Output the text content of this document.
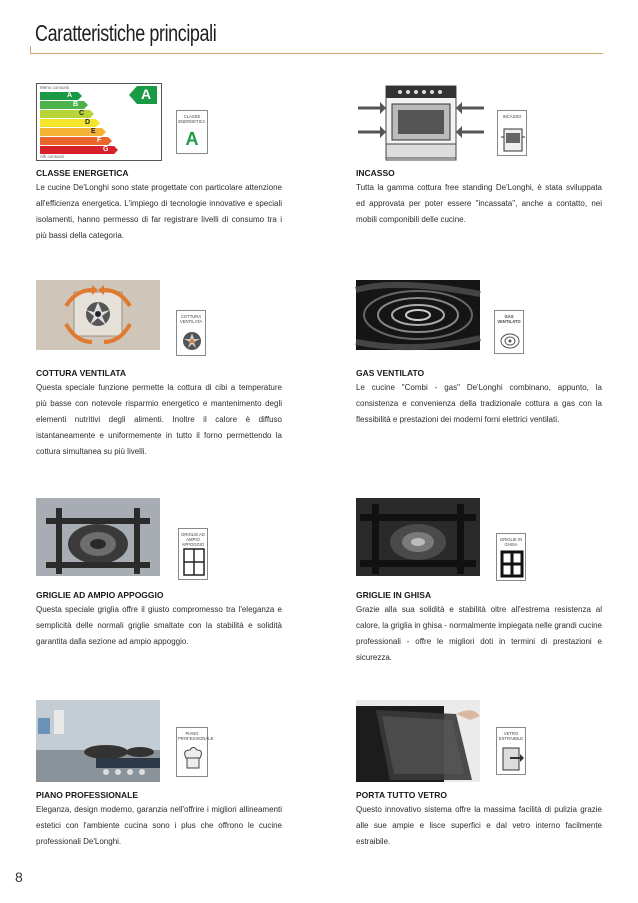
Caratteristiche principali
Meno consumi
A
B
C
D
E
F
G
A
Alti consumi
CLASSE ENERGETICA
A
CLASSE ENERGETICA
Le cucine De'Longhi sono state progettate con particolare attenzione all'efficienza energetica. L'impiego di tecnologie innovative e speciali isolamenti, hanno permesso di far registrare livelli di consumo tra i più bassi della categoria.
INCASSO
INCASSO
Tutta la gamma cottura free standing De'Longhi, è stata sviluppata ed approvata per poter essere "incassata", anche a contatto, nei mobili componibili delle cucine.
COTTURA VENTILATA
COTTURA VENTILATA
Questa speciale funzione permette la cottura di cibi a temperature più basse con notevole risparmio energetico e mantenimento degli elementi nutritivi degli alimenti. Inoltre il calore è diffuso istantaneamente e uniformemente in tutto il forno permettendo la cottura simultanea su più livelli.
GAS VENTILATO
GAS VENTILATO
Le cucine "Combi - gas" De'Longhi combinano, appunto, la consistenza e convenienza della tradizionale cottura a gas con la flessibilità e prestazioni dei moderni forni elettrici ventilati.
GRIGLIE AD AMPIO APPOGGIO
GRIGLIE AD AMPIO APPOGGIO
Questa speciale griglia offre il giusto compromesso tra l'eleganza e semplicità delle normali griglie smaltate con la stabilità e solidità garantita dalla sezione ad ampio appoggio.
GRIGLIE IN GHISA
GRIGLIE IN GHISA
Grazie alla sua solidità e stabilità oltre all'estrema resistenza al calore, la griglia in ghisa - normalmente impiegata nelle grandi cucine professionali - offre le migliori doti in termini di prestazioni e sicurezza.
PIANO PROFESSIONALE
PIANO PROFESSIONALE
Eleganza, design moderno, garanzia nell'offrire i migliori allineamenti estetici con l'ambiente cucina sono i plus che offrono le cucine professionali De'Longhi.
VETRO ESTRAIBILE
PORTA TUTTO VETRO
Questo innovativo sistema offre la massima facilità di pulizia grazie alle sue ampie e lisce superfici e dal vetro interno facilmente estraibile.
8
